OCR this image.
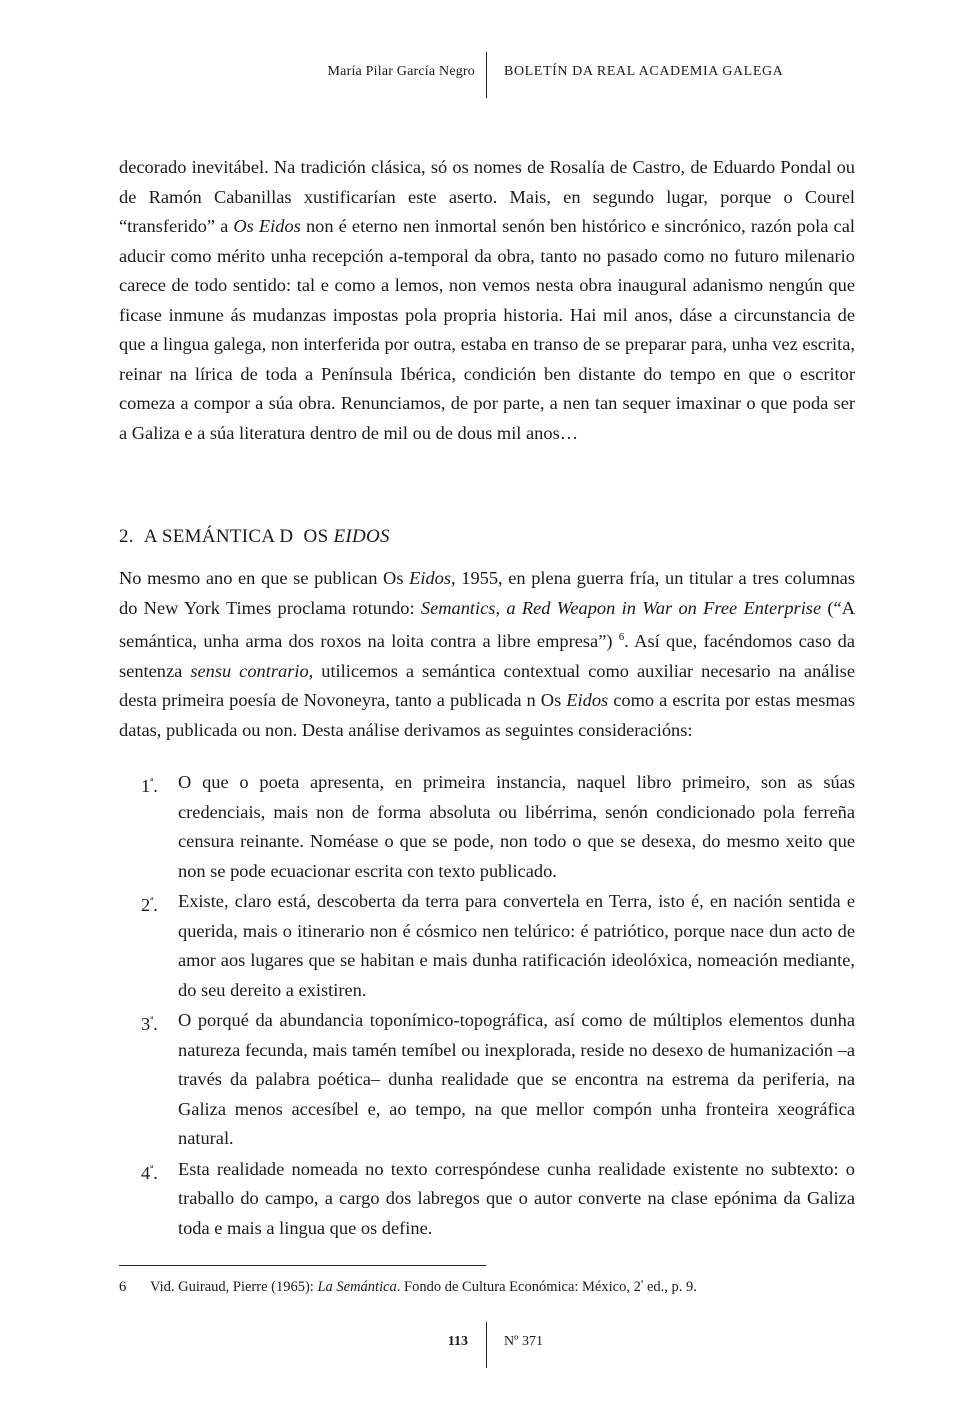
María Pilar García Negro BOLETÍN DA REAL ACADEMIA GALEGA

decorado inevitábel. Na tradición clásica, só os nomes de Rosalía de Castro, de Eduardo Pondal ou de Ramón Cabanillas xustificarían este aserto. Mais, en segundo lugar, porque o Courel “transferido” a Os Eidos non é eterno nen inmortal senón ben histórico e sincrónico, razón pola cal aducir como mérito unha recepción a-temporal da obra, tanto no pasado como no futuro milenario carece de todo sentido: tal e como a lemos, non vemos nesta obra inaugural adanismo nengún que ficase inmune ás mudanzas impostas pola propria historia. Hai mil anos, dáse a circunstancia de que a lingua galega, non interferida por outra, estaba en transo de se preparar para, unha vez escrita, reinar na lírica de toda a Península Ibérica, condición ben distante do tempo en que o escritor comeza a compor a súa obra. Renunciamos, de por parte, a nen tan sequer imaxinar o que poda ser a Galiza e a súa literatura dentro de mil ou de dous mil anos…

2. A SEMÁNTICA D  OS EIDOS

No mesmo ano en que se publican Os Eidos, 1955, en plena guerra fría, un titular a tres columnas do New York Times proclama rotundo: Semantics, a Red Weapon in War on Free Enterprise (“A semántica, unha arma dos roxos na loita contra a libre empresa”) $^6$. Así que, facéndomos caso da sentenza sensu contrario, utilicemos a semántica contextual como auxiliar necesario na análise desta primeira poesía de Novoneyra, tanto a publicada n Os Eidos como a escrita por estas mesmas datas, publicada ou non. Desta análise derivamos as seguintes consideracións:

$1^ª$. O que o poeta apresenta, en primeira instancia, naquel libro primeiro, son as súas credenciais, mais non de forma absoluta ou libérrima, senón condicionado pola ferreña censura reinante. Noméase o que se pode, non todo o que se desexa, do mesmo xeito que non se pode ecuacionar escrita con texto publicado.
$2^ª$. Existe, claro está, descoberta da terra para convertela en Terra, isto é, en nación sentida e querida, mais o itinerario non é cósmico nen telúrico: é patriótico, porque nace dun acto de amor aos lugares que se habitan e mais dunha ratificación ideolóxica, nomeación mediante, do seu dereito a existiren.
$3^ª$. O porqué da abundancia toponímico-topográfica, así como de múltiplos elementos dunha natureza fecunda, mais tamén temíbel ou inexplorada, reside no desexo de humanización –a través da palabra poética– dunha realidade que se encontra na estrema da periferia, na Galiza menos accesíbel e, ao tempo, na que mellor compón unha fronteira xeográfica natural.
$4^ª$. Esta realidade nomeada no texto correspóndese cunha realidade existente no subtexto: o traballo do campo, a cargo dos labregos que o autor converte na clase epónima da Galiza toda e mais a lingua que os define.
6 Vid. Guiraud, Pierre (1965): La Semántica. Fondo de Cultura Económica: México, $2^ª$ ed., p. 9.
113	Nº 371
